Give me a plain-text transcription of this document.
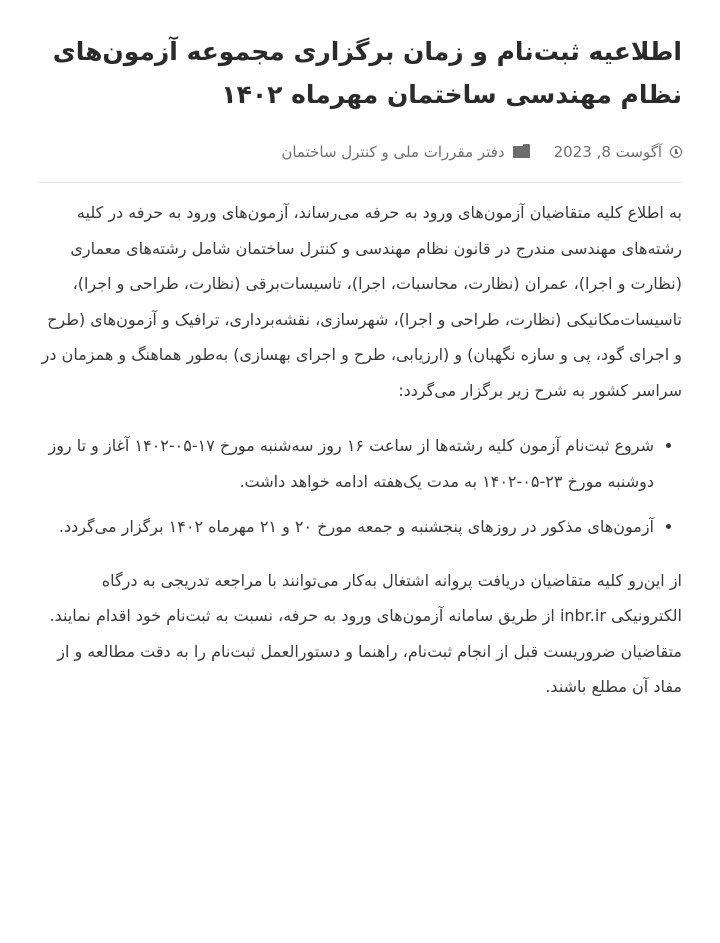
اطلاعیه ثبت‌نام و زمان برگزاری مجموعه آزمون‌های نظام مهندسی ساختمان مهرماه ۱۴۰۲
آگوست 8, 2023
دفتر مقررات ملی و کنترل ساختمان

به اطلاع کلیه متقاضیان آزمون‌های ورود به حرفه می‌رساند، آزمون‌های ورود به حرفه در کلیه رشته‌های مهندسی مندرج در قانون نظام مهندسی و کنترل ساختمان شامل رشته‌های معماری (نظارت و اجرا)، عمران (نظارت، محاسبات، اجرا)، تاسیسات‌برقی (نظارت، طراحی و اجرا)، تاسیسات‌مکانیکی (نظارت، طراحی و اجرا)، شهرسازی، نقشه‌برداری، ترافیک و آزمون‌های (طرح و اجرای گود، پی و سازه نگهبان) و (ارزیابی، طرح و اجرای بهسازی) به‌طور هماهنگ و همزمان در سراسر کشور به شرح زیر برگزار می‌گردد:

• شروع ثبت‌نام آزمون کلیه رشته‌ها از ساعت ۱۶ روز سه‌شنبه مورخ ۱۷-۰۵-۱۴۰۲ آغاز و تا روز دوشنبه مورخ ۲۳-۰۵-۱۴۰۲ به مدت یک‌هفته ادامه خواهد داشت.
• آزمون‌های مذکور در روزهای پنجشنبه و جمعه مورخ ۲۰ و ۲۱ مهرماه ۱۴۰۲ برگزار می‌گردد.

از این‌رو کلیه متقاضیان دریافت پروانه اشتغال به‌کار می‌توانند با مراجعه تدریجی به درگاه الکترونیکی inbr.ir از طریق سامانه آزمون‌های ورود به حرفه، نسبت به ثبت‌نام خود اقدام نمایند. متقاضیان ضروریست قبل از انجام ثبت‌نام، راهنما و دستورالعمل ثبت‌نام را به دقت مطالعه و از مفاد آن مطلع باشند.
